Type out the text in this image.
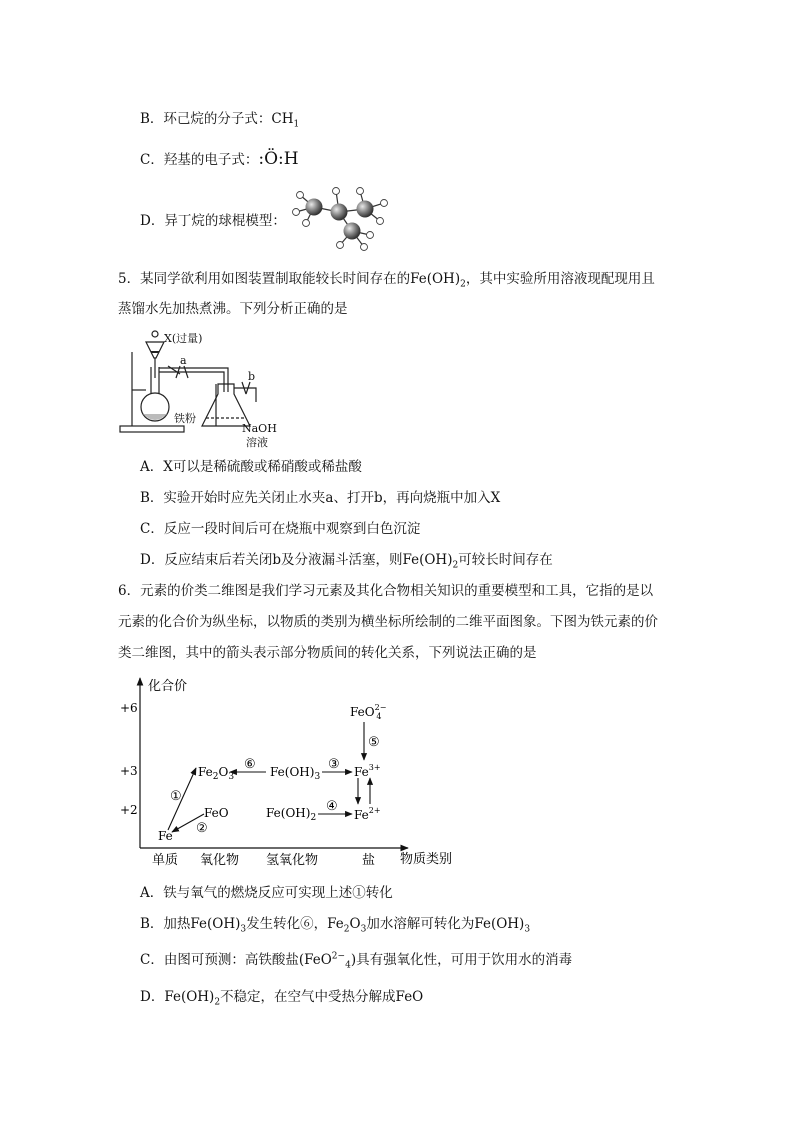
B．环己烷的分子式：$CH_1$
C．羟基的电子式：:Ö:H
D．异丁烷的球棍模型：
5．某同学欲利用如图装置制取能较长时间存在的$Fe(OH)_2$，其中实验所用溶液现配现用且
蒸馏水先加热煮沸。下列分析正确的是
X(过量)
a
b
铁粉
NaOH
溶液
A．X可以是稀硫酸或稀硝酸或稀盐酸
B．实验开始时应先关闭止水夹a、打开b，再向烧瓶中加入X
C．反应一段时间后可在烧瓶中观察到白色沉淀
D．反应结束后若关闭b及分液漏斗活塞，则$Fe(OH)_2$可较长时间存在
6．元素的价类二维图是我们学习元素及其化合物相关知识的重要模型和工具，它指的是以
元素的化合价为纵坐标，以物质的类别为横坐标所绘制的二维平面图象。下图为铁元素的价
类二维图，其中的箭头表示部分物质间的转化关系，下列说法正确的是
化合价
物质类别
+6
+3
+2
单质 氧化物 氢氧化物	盐
Fe
FeO
$Fe_2O_3$	$Fe(OH)_3$
$Fe(OH)_2$
$Fe^{3+}$
$Fe^{2+}$
FeO$^{2-}$ 4
①
②
③
④
⑤
⑥
A．铁与氧气的燃烧反应可实现上述①转化
B．加热$Fe(OH)_3$发生转化⑥，$Fe_2O_3$加水溶解可转化为$Fe(OH)_3$
C．由图可预测：高铁酸盐(FeO$^{2-}_4$)具有强氧化性，可用于饮用水的消毒
D．$Fe(OH)_2$不稳定，在空气中受热分解成FeO
